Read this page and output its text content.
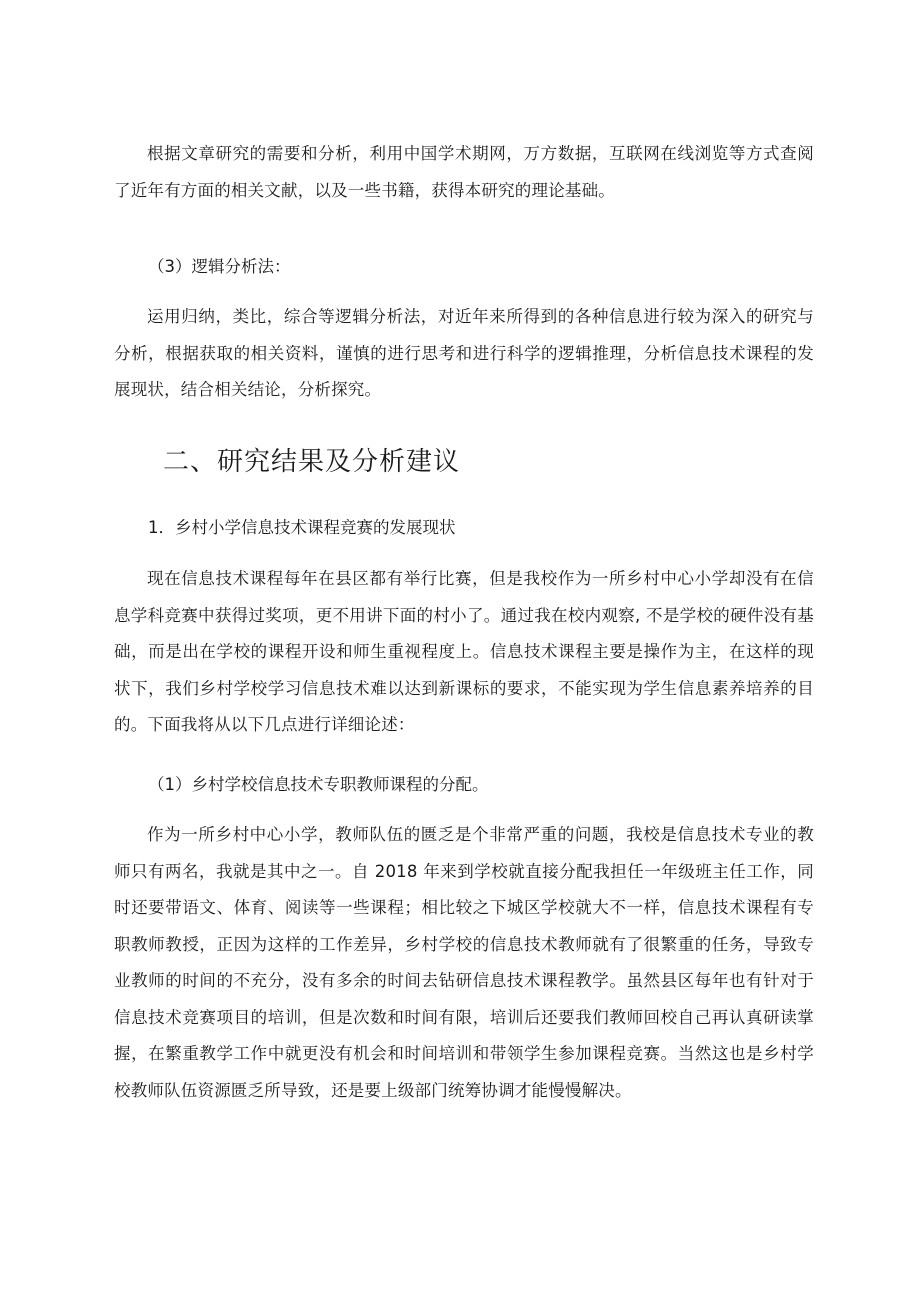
根据文章研究的需要和分析，利用中国学术期网，万方数据，互联网在线浏览等方式查阅了近年有方面的相关文献，以及一些书籍，获得本研究的理论基础。

（3）逻辑分析法：

运用归纳，类比，综合等逻辑分析法，对近年来所得到的各种信息进行较为深入的研究与分析，根据获取的相关资料，谨慎的进行思考和进行科学的逻辑推理，分析信息技术课程的发展现状，结合相关结论，分析探究。

二、研究结果及分析建议
1．乡村小学信息技术课程竞赛的发展现状

现在信息技术课程每年在县区都有举行比赛，但是我校作为一所乡村中心小学却没有在信息学科竞赛中获得过奖项，更不用讲下面的村小了。通过我在校内观察, 不是学校的硬件没有基础，而是出在学校的课程开设和师生重视程度上。信息技术课程主要是操作为主，在这样的现状下，我们乡村学校学习信息技术难以达到新课标的要求，不能实现为学生信息素养培养的目的。下面我将从以下几点进行详细论述：

（1）乡村学校信息技术专职教师课程的分配。

作为一所乡村中心小学，教师队伍的匮乏是个非常严重的问题，我校是信息技术专业的教师只有两名，我就是其中之一。自 2018 年来到学校就直接分配我担任一年级班主任工作，同时还要带语文、体育、阅读等一些课程；相比较之下城区学校就大不一样，信息技术课程有专职教师教授，正因为这样的工作差异，乡村学校的信息技术教师就有了很繁重的任务，导致专业教师的时间的不充分，没有多余的时间去钻研信息技术课程教学。虽然县区每年也有针对于信息技术竞赛项目的培训，但是次数和时间有限，培训后还要我们教师回校自己再认真研读掌握，在繁重教学工作中就更没有机会和时间培训和带领学生参加课程竞赛。当然这也是乡村学校教师队伍资源匮乏所导致，还是要上级部门统筹协调才能慢慢解决。
